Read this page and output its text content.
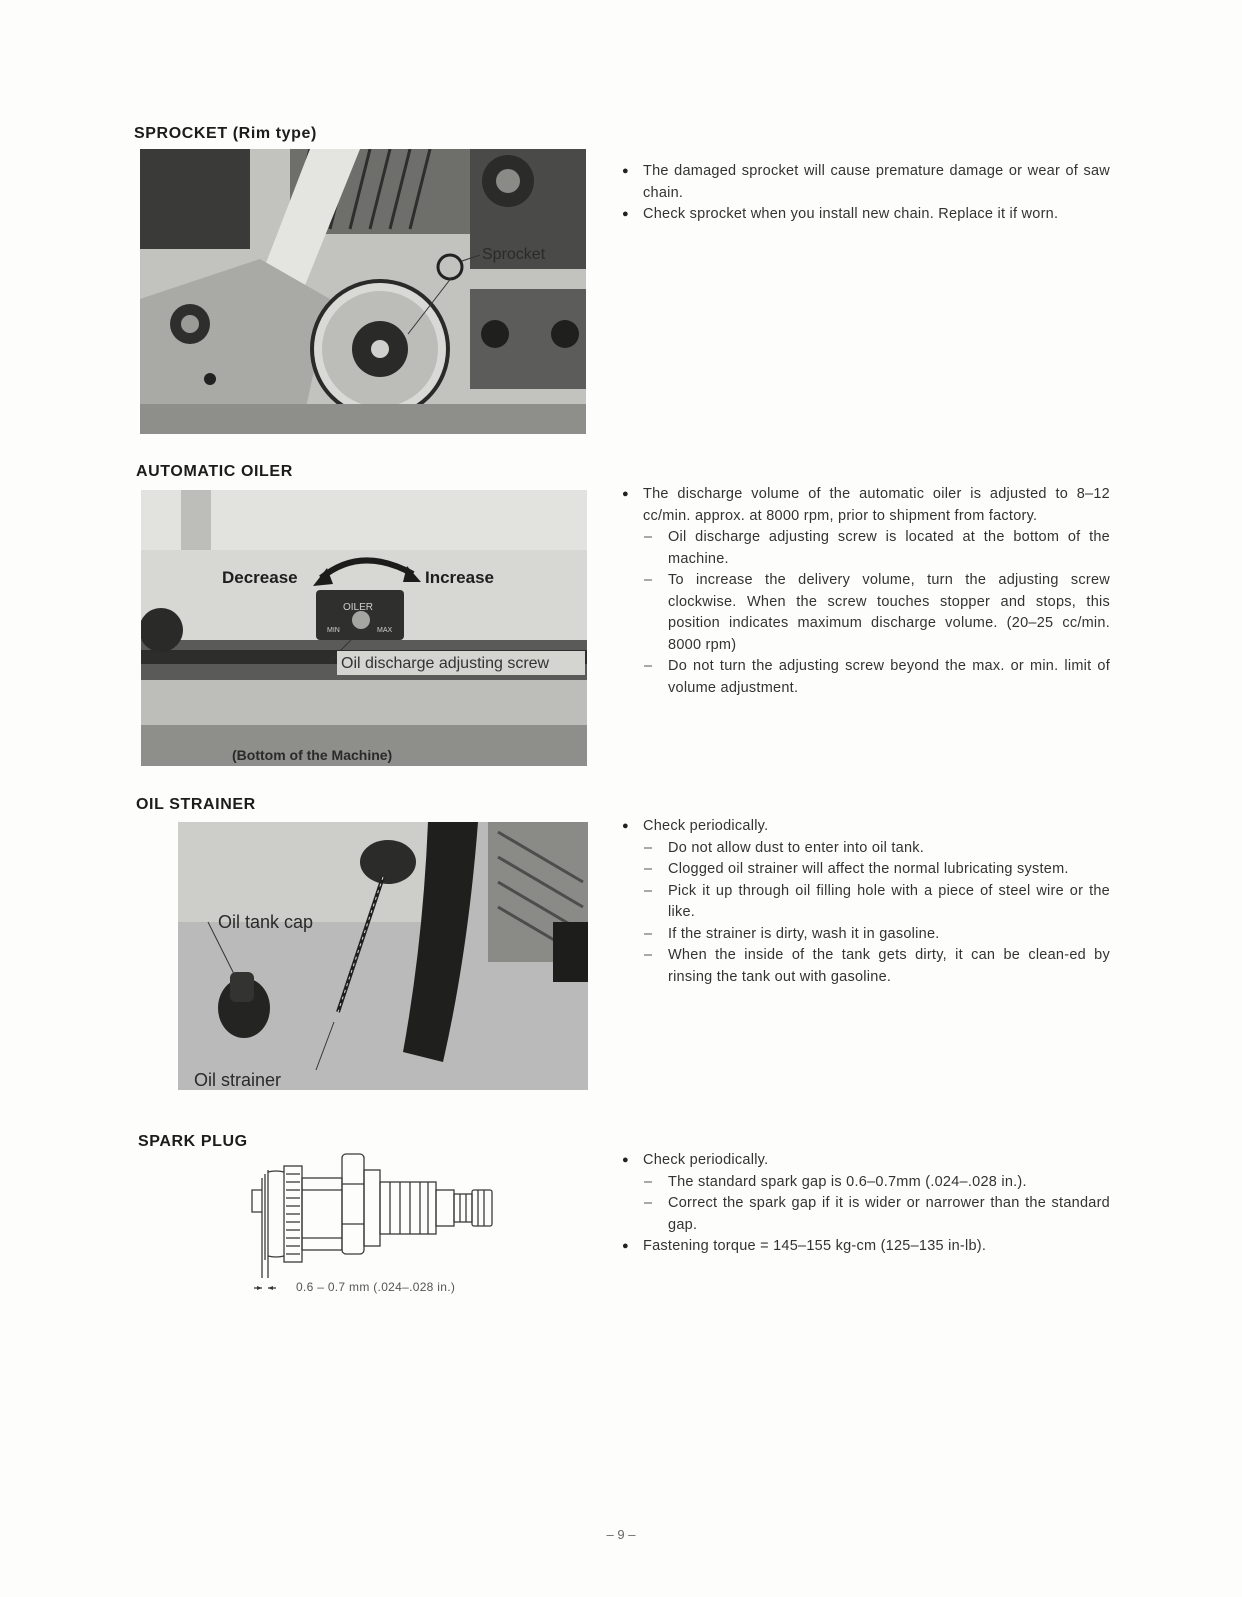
SPROCKET (Rim type)
Sprocket
● The damaged sprocket will cause premature damage or wear of saw chain.
● Check sprocket when you install new chain. Replace it if worn.
AUTOMATIC OILER
Decrease	Increase
OILER
MIN	MAX
Oil discharge adjusting screw
(Bottom of the Machine)
● The discharge volume of the automatic oiler is adjusted to 8–12 cc/min. approx. at 8000 rpm, prior to shipment from factory.
– Oil discharge adjusting screw is located at the bottom of the machine.
– To increase the delivery volume, turn the adjusting screw clockwise. When the screw touches stopper and stops, this position indicates maximum discharge volume. (20–25 cc/min. 8000 rpm)
– Do not turn the adjusting screw beyond the max. or min. limit of volume adjustment.
OIL STRAINER
Oil tank cap
Oil strainer
● Check periodically.
– Do not allow dust to enter into oil tank.
– Clogged oil strainer will affect the normal lubricating system.
– Pick it up through oil filling hole with a piece of steel wire or the like.
– If the strainer is dirty, wash it in gasoline.
– When the inside of the tank gets dirty, it can be clean-ed by rinsing the tank out with gasoline.
SPARK PLUG
0.6 – 0.7 mm (.024–.028 in.)
● Check periodically.
– The standard spark gap is 0.6–0.7mm (.024–.028 in.).
– Correct the spark gap if it is wider or narrower than the standard gap.
● Fastening torque = 145–155 kg-cm (125–135 in-lb).
– 9 –
